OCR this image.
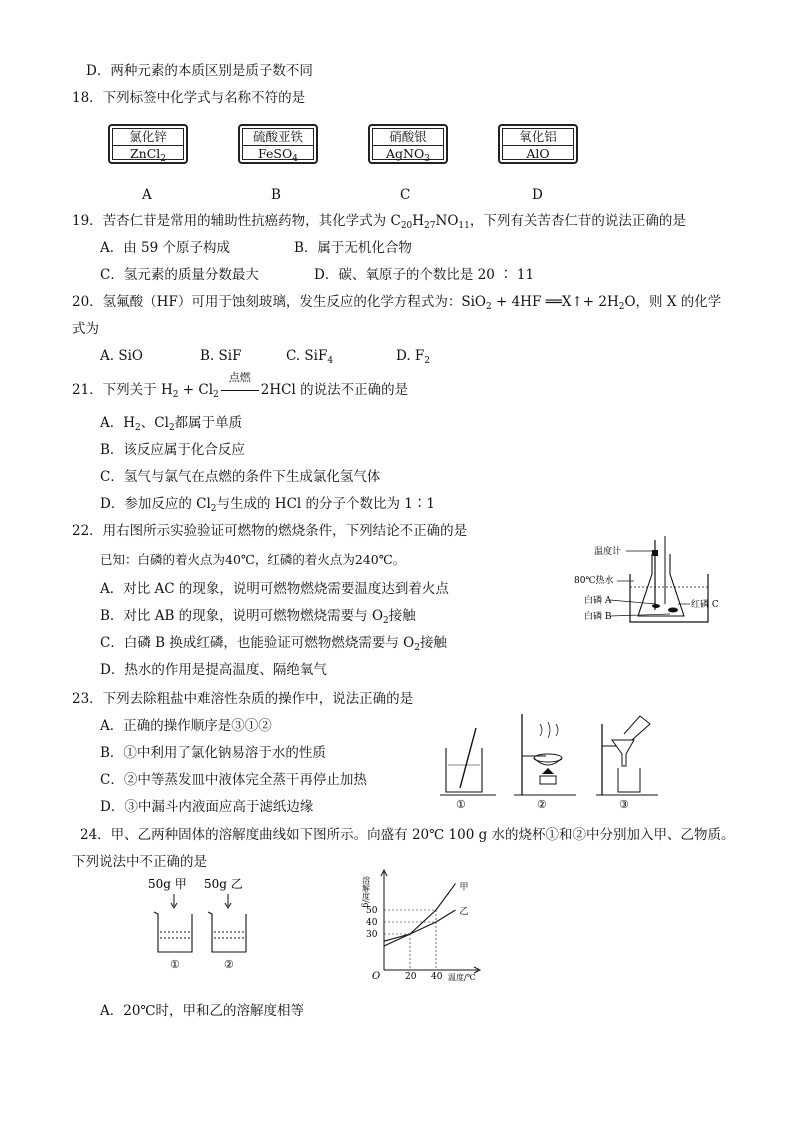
D．两种元素的本质区别是质子数不同
18．下列标签中化学式与名称不符的是
氯化锌
ZnCl$_2$
硫酸亚铁
FeSO$_4$
硝酸银
AgNO$_3$
氧化铝
AlO
A	B	C	D
19．苦杏仁苷是常用的辅助性抗癌药物，其化学式为 $C_{20}H_{27}NO_{11}$，下列有关苦杏仁苷的说法正确的是
A．由 59 个原子构成	B．属于无机化合物
C．氢元素的质量分数最大	D．碳、氧原子的个数比是 20 ∶ 11
20．氢氟酸（HF）可用于蚀刻玻璃，发生反应的化学方程式为：SiO$_2$ + 4HF ══X↑+ $2H_2O$，则 X 的化学
式为
A. SiO	B. SiF	C. SiF$_4$	D. $F_2$
21．下列关于 $H_2 + Cl_2$
点燃
2HCl 的说法不正确的是
A．$H_2$、$Cl_2$都属于单质
B．该反应属于化合反应
C．氢气与氯气在点燃的条件下生成氯化氢气体
D．参加反应的 $Cl_2$与生成的 HCl 的分子个数比为 1∶1
22．用右图所示实验验证可燃物的燃烧条件，下列结论不正确的是
已知：白磷的着火点为40℃，红磷的着火点为240℃。
A．对比 AC 的现象，说明可燃物燃烧需要温度达到着火点
B．对比 AB 的现象，说明可燃物燃烧需要与 $O_2$接触
C．白磷 B 换成红磷，也能验证可燃物燃烧需要与 $O_2$接触
D．热水的作用是提高温度、隔绝氧气
温度计
80℃热水
白磷 A
白磷 B
红磷 C
23．下列去除粗盐中难溶性杂质的操作中，说法正确的是
A．正确的操作顺序是③①②
B．①中利用了氯化钠易溶于水的性质
C．②中等蒸发皿中液体完全蒸干再停止加热
D．③中漏斗内液面应高于滤纸边缘	①	②	③
24．甲、乙两种固体的溶解度曲线如下图所示。向盛有 20℃ 100 g 水的烧杯①和②中分别加入甲、乙物质。
下列说法中不正确的是
50g 甲 50g 乙
①	②
溶解度/g
温度/℃
O
30
40
50
20 40
甲
乙
A．20℃时，甲和乙的溶解度相等
